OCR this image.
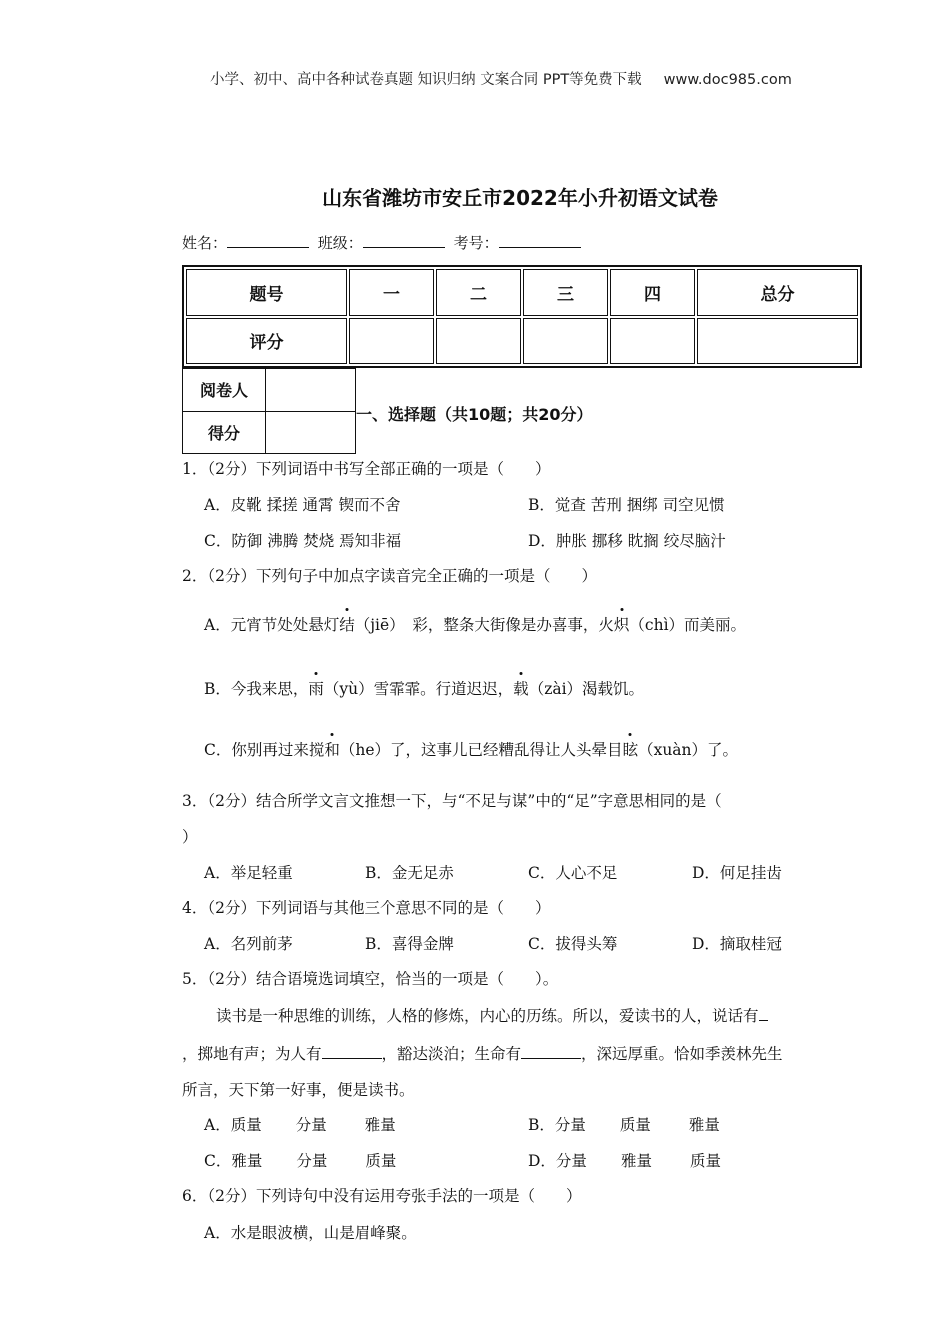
小学、初中、高中各种试卷真题 知识归纳 文案合同 PPT等免费下载 www.doc985.com
山东省潍坊市安丘市2022年小升初语文试卷
姓名：	班级：	考号：
题号	一	二	三	四	总分
评分					
阅卷人	
得分	
一、选择题（共10题；共20分）
1．（2分）下列词语中书写全部正确的一项是（　　）
A．皮靴 揉搓 通霄 锲而不舍	B．觉查 苦刑 捆绑 司空见惯
C．防御 沸腾 焚烧 焉知非福	D．肿胀 挪移 眈搁 绞尽脑汁
2．（2分）下列句子中加点字读音完全正确的一项是（　　）
A．元宵节处处悬灯结（jiē）　彩，整条大街像是办喜事，火炽（chì）而美丽。
B．今我来思，雨（yù）雪霏霏。行道迟迟，载（zài）渴载饥。
C．你别再过来搅和（he）了，这事儿已经糟乱得让人头晕目眩（xuàn）了。
3．（2分）结合所学文言文推想一下，与“不足与谋”中的“足”字意思相同的是（
）
A．举足轻重	B．金无足赤	C．人心不足	D．何足挂齿
4．（2分）下列词语与其他三个意思不同的是（　　）
A．名列前茅	B．喜得金牌	C．拔得头筹	D．摘取桂冠
5．（2分）结合语境选词填空，恰当的一项是（　　）。
读书是一种思维的训练，人格的修炼，内心的历练。所以，爱读书的人，说话有
，掷地有声；为人有	，豁达淡泊；生命有	，深远厚重。恰如季羡林先生
所言，天下第一好事，便是读书。
A．质量 分量 雅量	B．分量 质量 雅量
C．雅量 分量 质量	D．分量 雅量 质量
6．（2分）下列诗句中没有运用夸张手法的一项是（　　）
A．水是眼波横，山是眉峰聚。
